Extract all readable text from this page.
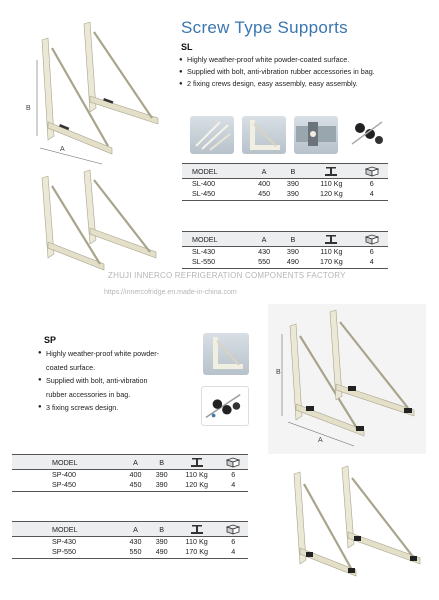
B
A
Screw Type Supports
SL
● Highly weather-proof white powder-coated surface.
● Supplied with bolt, anti-vibration rubber accessories in bag.
● 2 fixing crews design, easy assembly, easy assembly.
MODEL	A	B		
SL-400	400	390	110 Kg	6
SL-450	450	390	120 Kg	4
MODEL	A	B		
SL-430	430	390	110 Kg	6
SL-550	550	490	170 Kg	4
ZHUJI INNERCO REFRIGERATION COMPONENTS FACTORY
https://innercofridge.en.made-in-china.com
SP
● Highly weather-proof white powder-
coated surface.
● Supplied with bolt, anti-vibration
rubber accessories in bag.
● 3 fixing screws design.
B
A
MODEL	A	B		
SP-400	400	390	110 Kg	6
SP-450	450	390	120 Kg	4
MODEL	A	B		
SP-430	430	390	110 Kg	6
SP-550	550	490	170 Kg	4
